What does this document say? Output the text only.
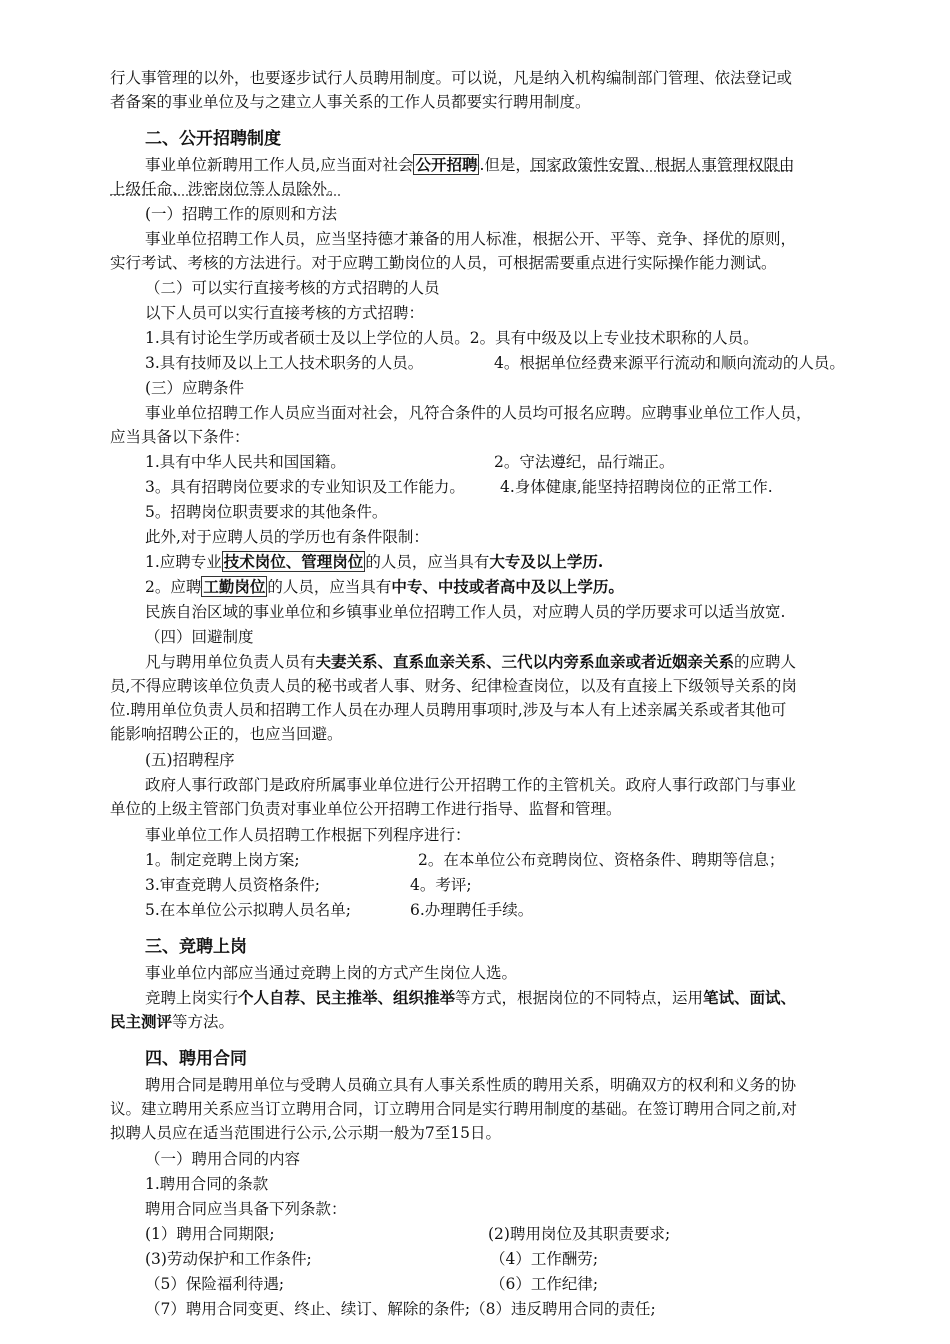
行人事管理的以外，也要逐步试行人员聘用制度。可以说，凡是纳入机构编制部门管理、依法登记或
者备案的事业单位及与之建立人事关系的工作人员都要实行聘用制度。
二、公开招聘制度
事业单位新聘用工作人员,应当面对社会 公开招聘 .但是，国家政策性安置、根据人事管理权限由
上级任命、涉密岗位等人员除外。
(一）招聘工作的原则和方法
事业单位招聘工作人员，应当坚持德才兼备的用人标准，根据公开、平等、竞争、择优的原则，
实行考试、考核的方法进行。对于应聘工勤岗位的人员，可根据需要重点进行实际操作能力测试。
（二）可以实行直接考核的方式招聘的人员
以下人员可以实行直接考核的方式招聘：
1.具有讨论生学历或者硕士及以上学位的人员。2。具有中级及以上专业技术职称的人员。
3.具有技师及以上工人技术职务的人员。	4。根据单位经费来源平行流动和顺向流动的人员。
(三）应聘条件
事业单位招聘工作人员应当面对社会，凡符合条件的人员均可报名应聘。应聘事业单位工作人员，
应当具备以下条件：
1.具有中华人民共和国国籍。	2。守法遵纪，品行端正。
3。具有招聘岗位要求的专业知识及工作能力。 4.身体健康,能坚持招聘岗位的正常工作.
5。招聘岗位职责要求的其他条件。
此外,对于应聘人员的学历也有条件限制：
1.应聘专业 技术岗位、管理岗位 的人员，应当具有大专及以上学历.
2。应聘 工勤岗位 的人员，应当具有中专、中技或者高中及以上学历。
民族自治区域的事业单位和乡镇事业单位招聘工作人员，对应聘人员的学历要求可以适当放宽.
（四）回避制度
凡与聘用单位负责人员有夫妻关系、直系血亲关系、三代以内旁系血亲或者近姻亲关系的应聘人
员,不得应聘该单位负责人员的秘书或者人事、财务、纪律检查岗位，以及有直接上下级领导关系的岗
位.聘用单位负责人员和招聘工作人员在办理人员聘用事项时,涉及与本人有上述亲属关系或者其他可
能影响招聘公正的，也应当回避。
(五)招聘程序
政府人事行政部门是政府所属事业单位进行公开招聘工作的主管机关。政府人事行政部门与事业
单位的上级主管部门负责对事业单位公开招聘工作进行指导、监督和管理。
事业单位工作人员招聘工作根据下列程序进行：
1。制定竞聘上岗方案;	2。在本单位公布竞聘岗位、资格条件、聘期等信息；
3.审查竞聘人员资格条件;	4。考评;
5.在本单位公示拟聘人员名单;	6.办理聘任手续。
三、竞聘上岗
事业单位内部应当通过竞聘上岗的方式产生岗位人选。
竞聘上岗实行个人自荐、民主推举、组织推举等方式，根据岗位的不同特点，运用笔试、面试、
民主测评等方法。
四、聘用合同
聘用合同是聘用单位与受聘人员确立具有人事关系性质的聘用关系，明确双方的权利和义务的协
议。建立聘用关系应当订立聘用合同，订立聘用合同是实行聘用制度的基础。在签订聘用合同之前,对
拟聘人员应在适当范围进行公示,公示期一般为7至15日。
（一）聘用合同的内容
1.聘用合同的条款
聘用合同应当具备下列条款：
(1）聘用合同期限;	(2)聘用岗位及其职责要求;
(3)劳动保护和工作条件;	（4）工作酬劳;
（5）保险福利待遇;	（6）工作纪律;
（7）聘用合同变更、终止、续订、解除的条件;（8）违反聘用合同的责任;
